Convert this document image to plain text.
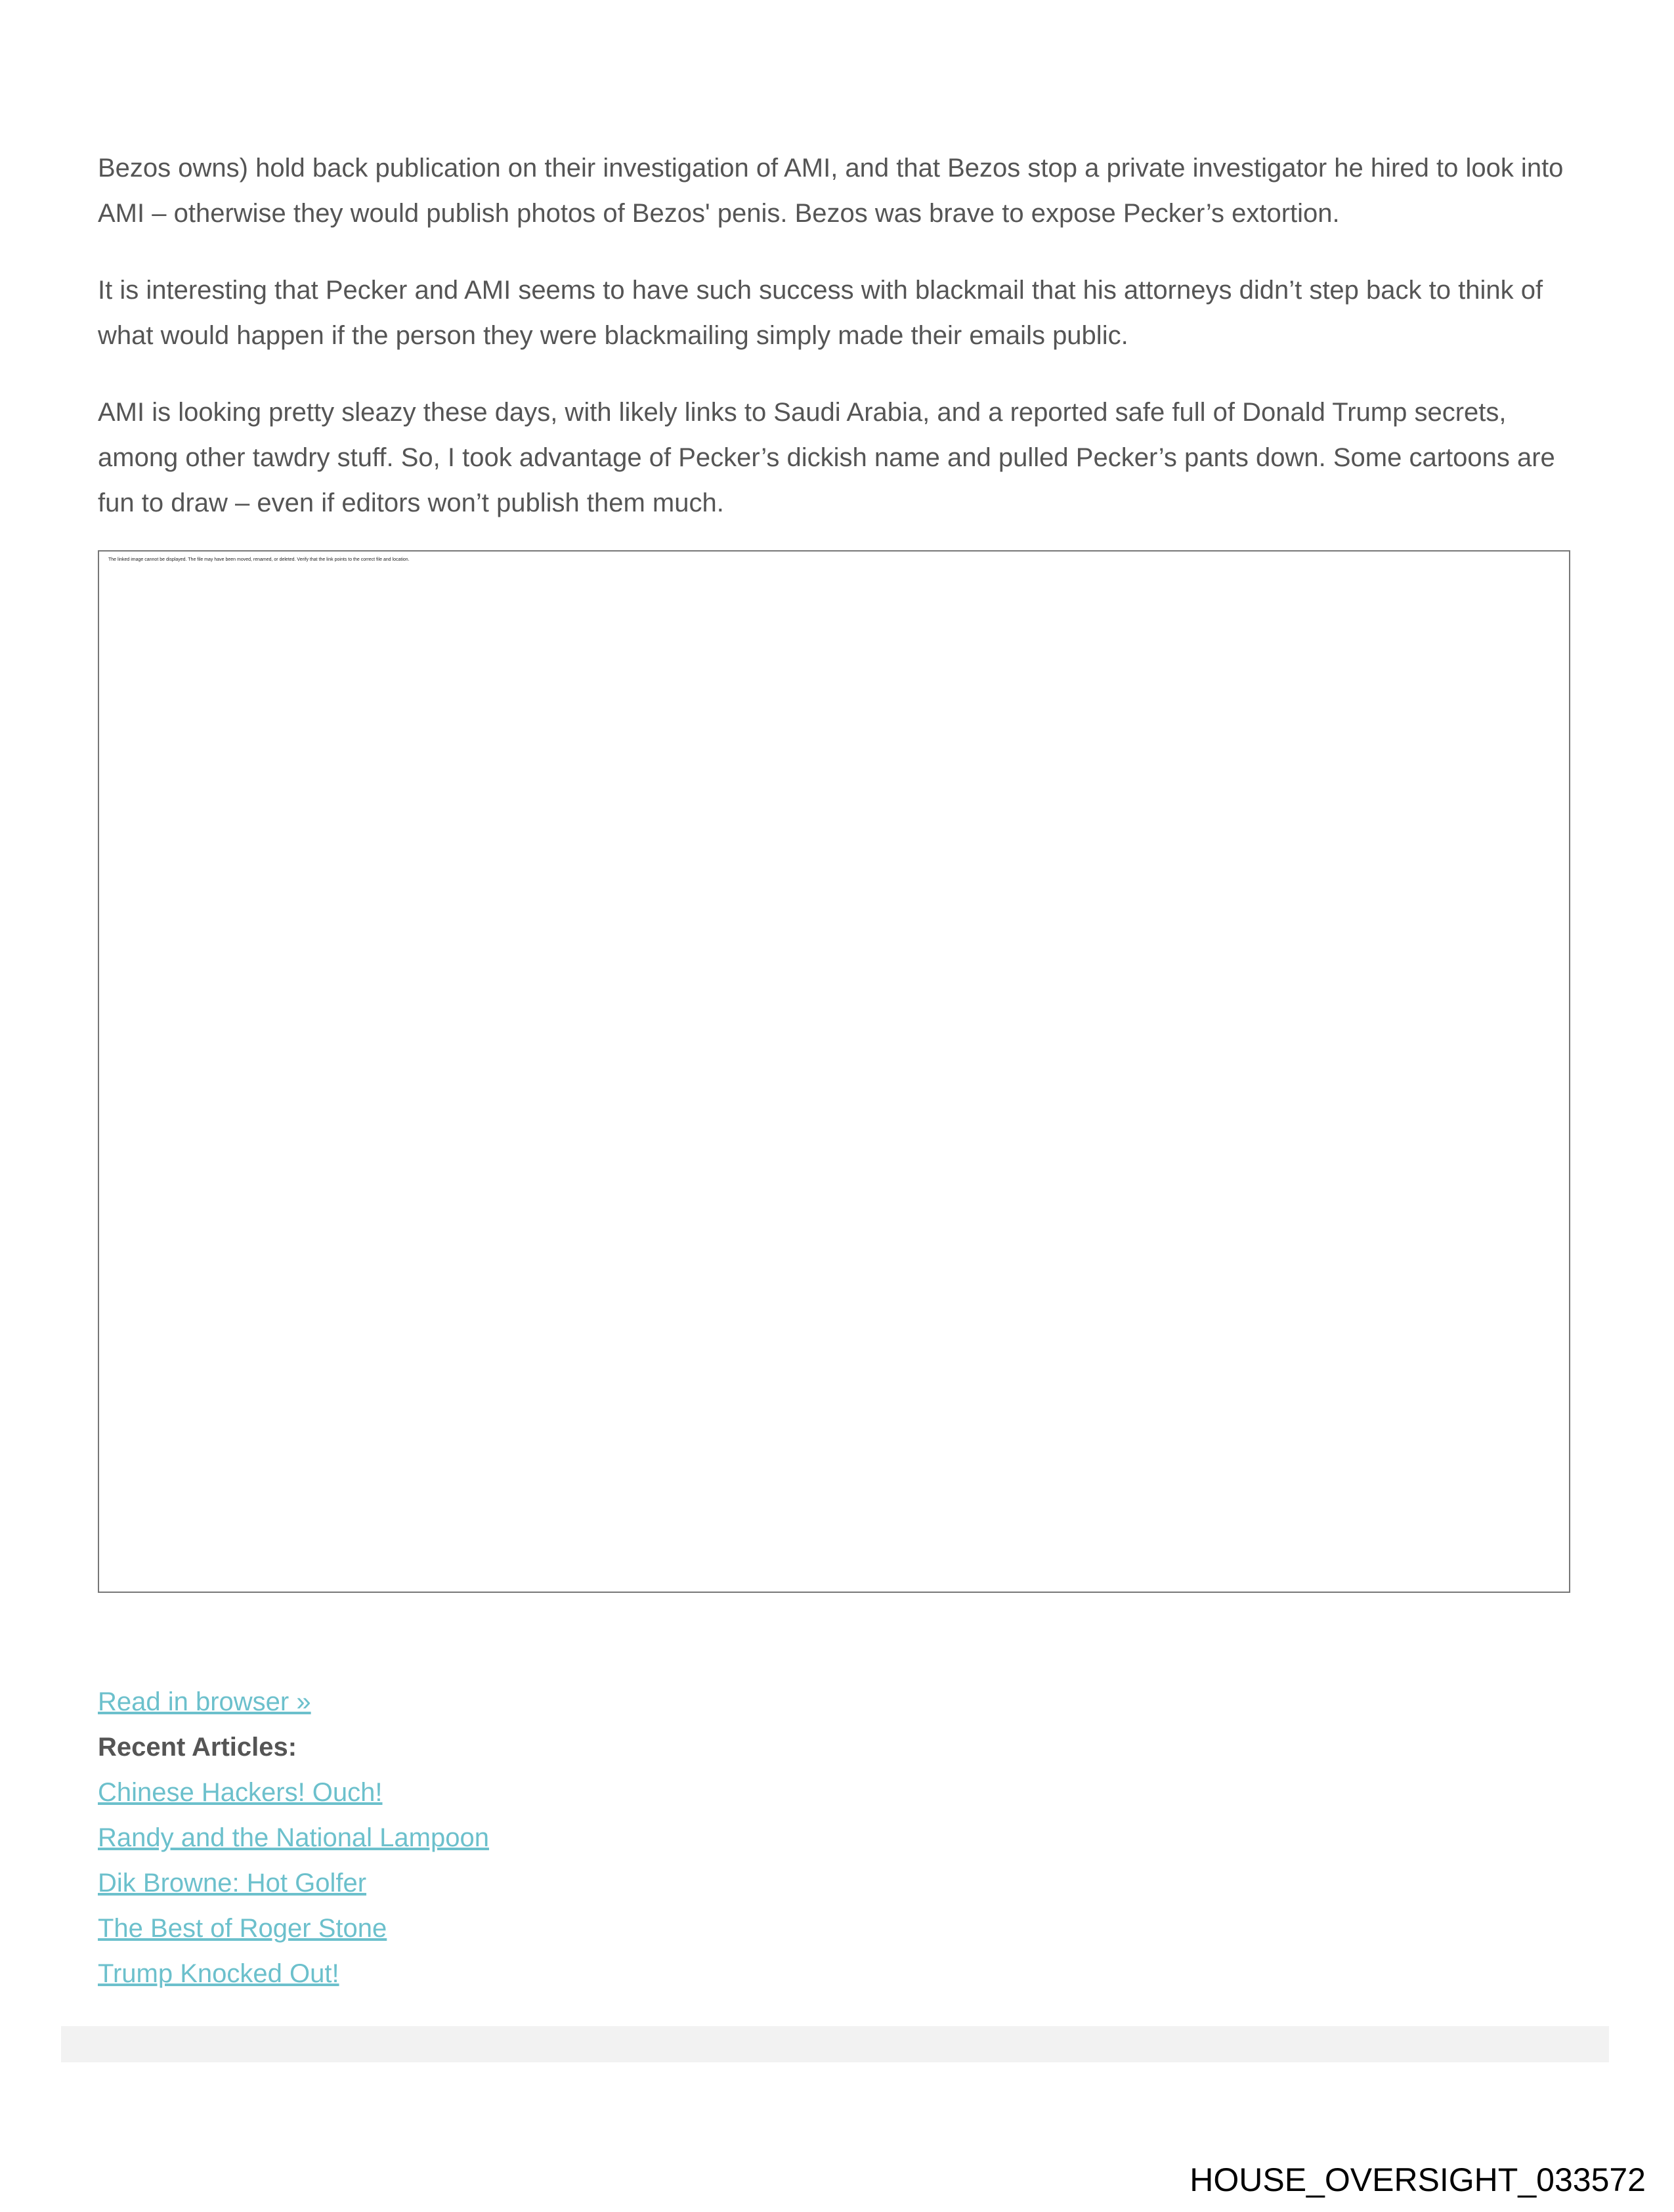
Bezos owns) hold back publication on their investigation of AMI, and that Bezos stop a private investigator he hired to look into AMI – otherwise they would publish photos of Bezos' penis. Bezos was brave to expose Pecker’s extortion.

It is interesting that Pecker and AMI seems to have such success with blackmail that his attorneys didn’t step back to think of what would happen if the person they were blackmailing simply made their emails public.

AMI is looking pretty sleazy these days, with likely links to Saudi Arabia, and a reported safe full of Donald Trump secrets, among other tawdry stuff. So, I took advantage of Pecker’s dickish name and pulled Pecker’s pants down. Some cartoons are fun to draw – even if editors won’t publish them much.

The linked image cannot be displayed. The file may have been moved, renamed, or deleted. Verify that the link points to the correct file and location.
Read in browser »
Recent Articles:
Chinese Hackers! Ouch!
Randy and the National Lampoon
Dik Browne: Hot Golfer
The Best of Roger Stone
Trump Knocked Out!
HOUSE_OVERSIGHT_033572
